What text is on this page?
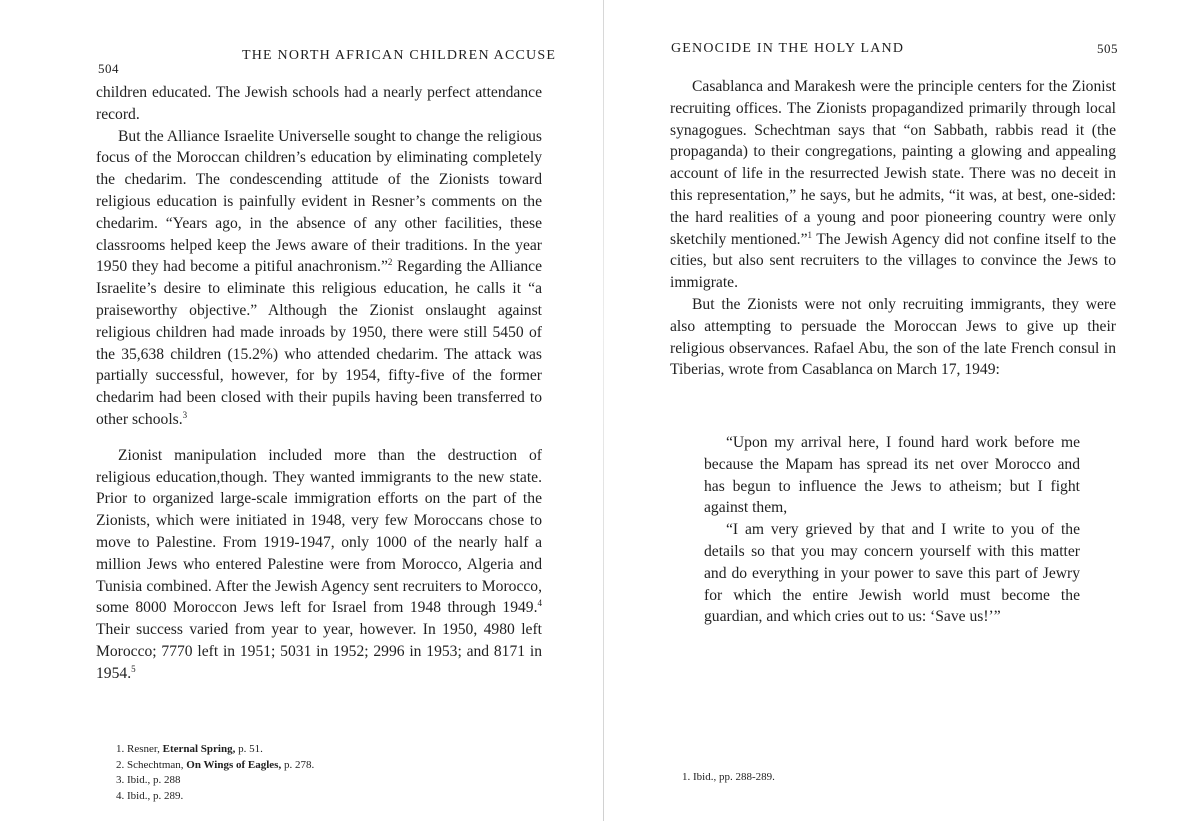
504
THE NORTH AFRICAN CHILDREN ACCUSE

children educated. The Jewish schools had a nearly perfect attendance record.

But the Alliance Israelite Universelle sought to change the religious focus of the Moroccan children’s education by eliminating completely the chedarim. The condescending attitude of the Zionists toward religious education is painfully evident in Resner’s comments on the chedarim. “Years ago, in the absence of any other facilities, these classrooms helped keep the Jews aware of their traditions. In the year 1950 they had become a pitiful anachronism.”$^2$ Regarding the Alliance Israelite’s desire to eliminate this religious education, he calls it “a praiseworthy objective.” Although the Zionist onslaught against religious children had made inroads by 1950, there were still 5450 of the 35,638 children (15.2%) who attended chedarim. The attack was partially successful, however, for by 1954, fifty-five of the former chedarim had been closed with their pupils having been transferred to other schools.$^3$

Zionist manipulation included more than the destruction of religious education,though. They wanted immigrants to the new state. Prior to organized large-scale immigration efforts on the part of the Zionists, which were initiated in 1948, very few Moroccans chose to move to Palestine. From 1919-1947, only 1000 of the nearly half a million Jews who entered Palestine were from Morocco, Algeria and Tunisia combined. After the Jewish Agency sent recruiters to Morocco, some 8000 Moroccon Jews left for Israel from 1948 through 1949.$^4$ Their success varied from year to year, however. In 1950, 4980 left Morocco; 7770 left in 1951; 5031 in 1952; 2996 in 1953; and 8171 in 1954.$^5$

1. Resner, Eternal Spring, p. 51.

2. Schechtman, On Wings of Eagles, p. 278.

3. Ibid., p. 288

4. Ibid., p. 289.

GENOCIDE IN THE HOLY LAND	505

Casablanca and Marakesh were the principle centers for the Zionist recruiting offices. The Zionists propagandized primarily through local synagogues. Schechtman says that “on Sabbath, rabbis read it (the propaganda) to their congregations, painting a glowing and appealing account of life in the resurrected Jewish state. There was no deceit in this representation,” he says, but he admits, “it was, at best, one-sided: the hard realities of a young and poor pioneering country were only sketchily mentioned.”$^1$ The Jewish Agency did not confine itself to the cities, but also sent recruiters to the villages to convince the Jews to immigrate.

But the Zionists were not only recruiting immigrants, they were also attempting to persuade the Moroccan Jews to give up their religious observances. Rafael Abu, the son of the late French consul in Tiberias, wrote from Casablanca on March 17, 1949:

“Upon my arrival here, I found hard work before me because the Mapam has spread its net over Morocco and has begun to influence the Jews to atheism; but I fight against them,

“I am very grieved by that and I write to you of the details so that you may concern yourself with this matter and do everything in your power to save this part of Jewry for which the entire Jewish world must become the guardian, and which cries out to us: ‘Save us!’”

1. Ibid., pp. 288-289.
